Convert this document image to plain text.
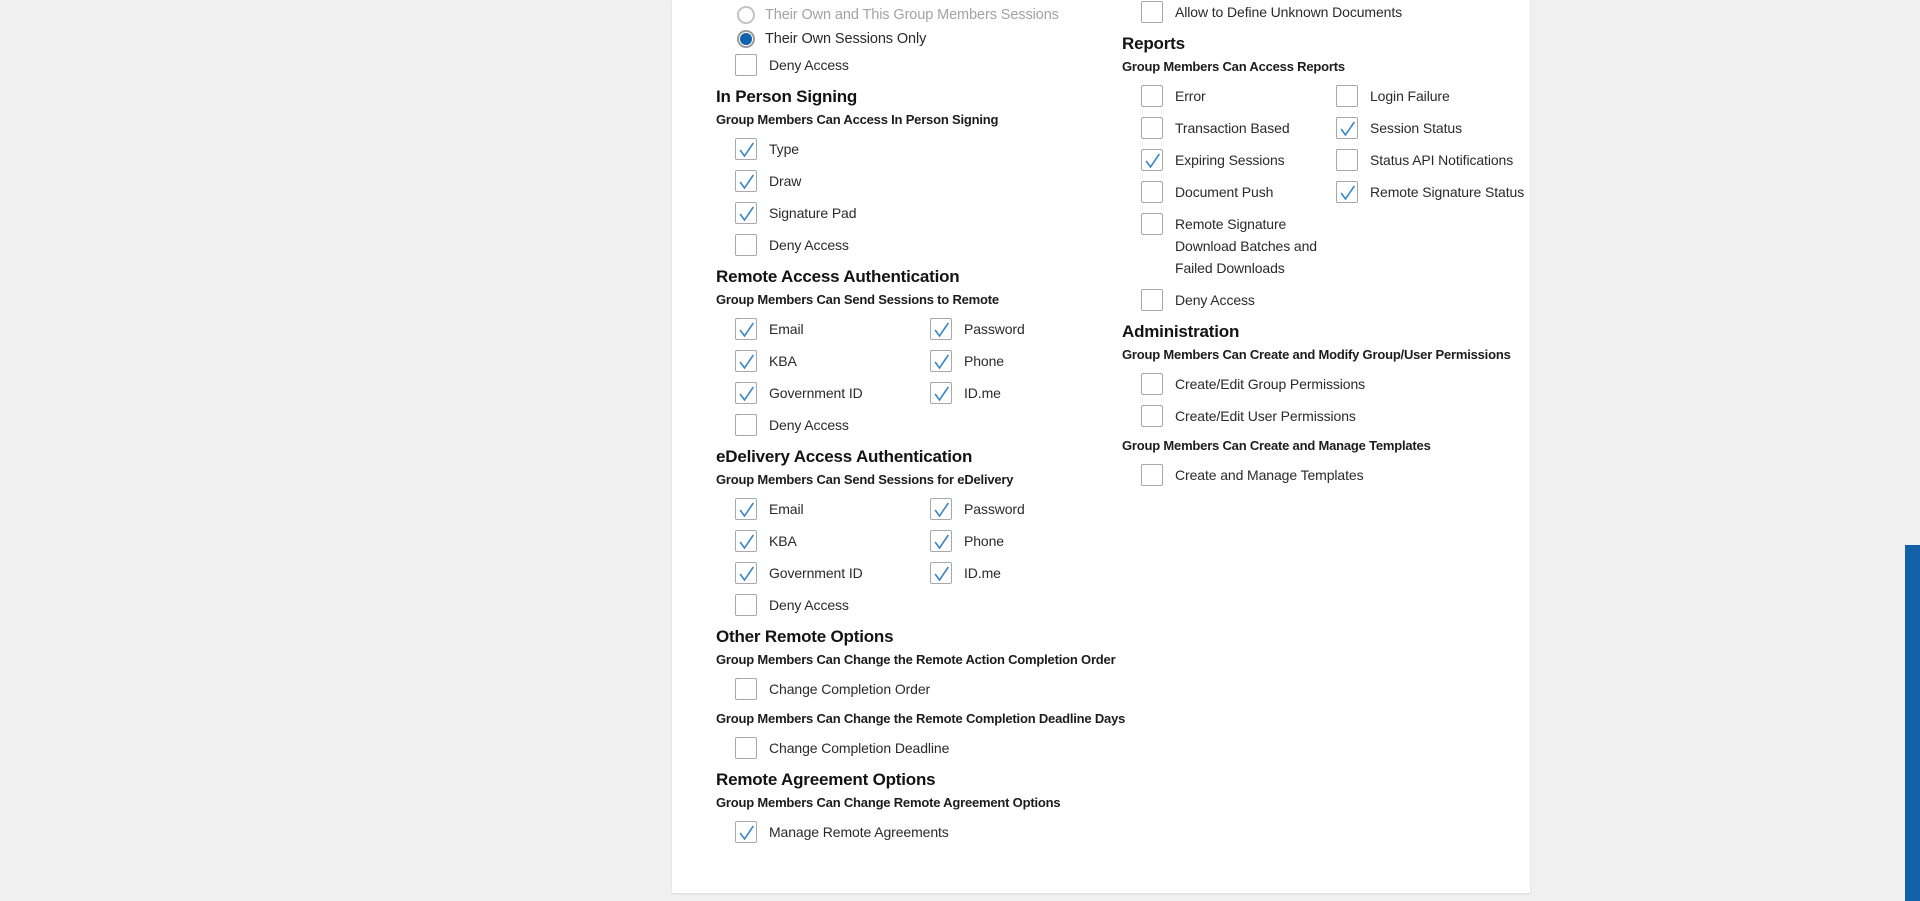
Their Own and This Group Members Sessions
Their Own Sessions Only
Deny Access
In Person Signing
Group Members Can Access In Person Signing
Type
Draw
Signature Pad
Deny Access
Remote Access Authentication
Group Members Can Send Sessions to Remote
Email	Password
KBA	Phone
Government ID	ID.me
Deny Access
eDelivery Access Authentication
Group Members Can Send Sessions for eDelivery
Email	Password
KBA	Phone
Government ID	ID.me
Deny Access
Other Remote Options
Group Members Can Change the Remote Action Completion Order
Change Completion Order
Group Members Can Change the Remote Completion Deadline Days
Change Completion Deadline
Remote Agreement Options
Group Members Can Change Remote Agreement Options
Manage Remote Agreements
Allow to Define Unknown Documents
Reports
Group Members Can Access Reports
Error	Login Failure
Transaction Based	Session Status
Expiring Sessions	Status API Notifications
Document Push	Remote Signature Status
Remote Signature Download Batches and Failed Downloads
Deny Access
Administration
Group Members Can Create and Modify Group/User Permissions
Create/Edit Group Permissions
Create/Edit User Permissions
Group Members Can Create and Manage Templates
Create and Manage Templates
